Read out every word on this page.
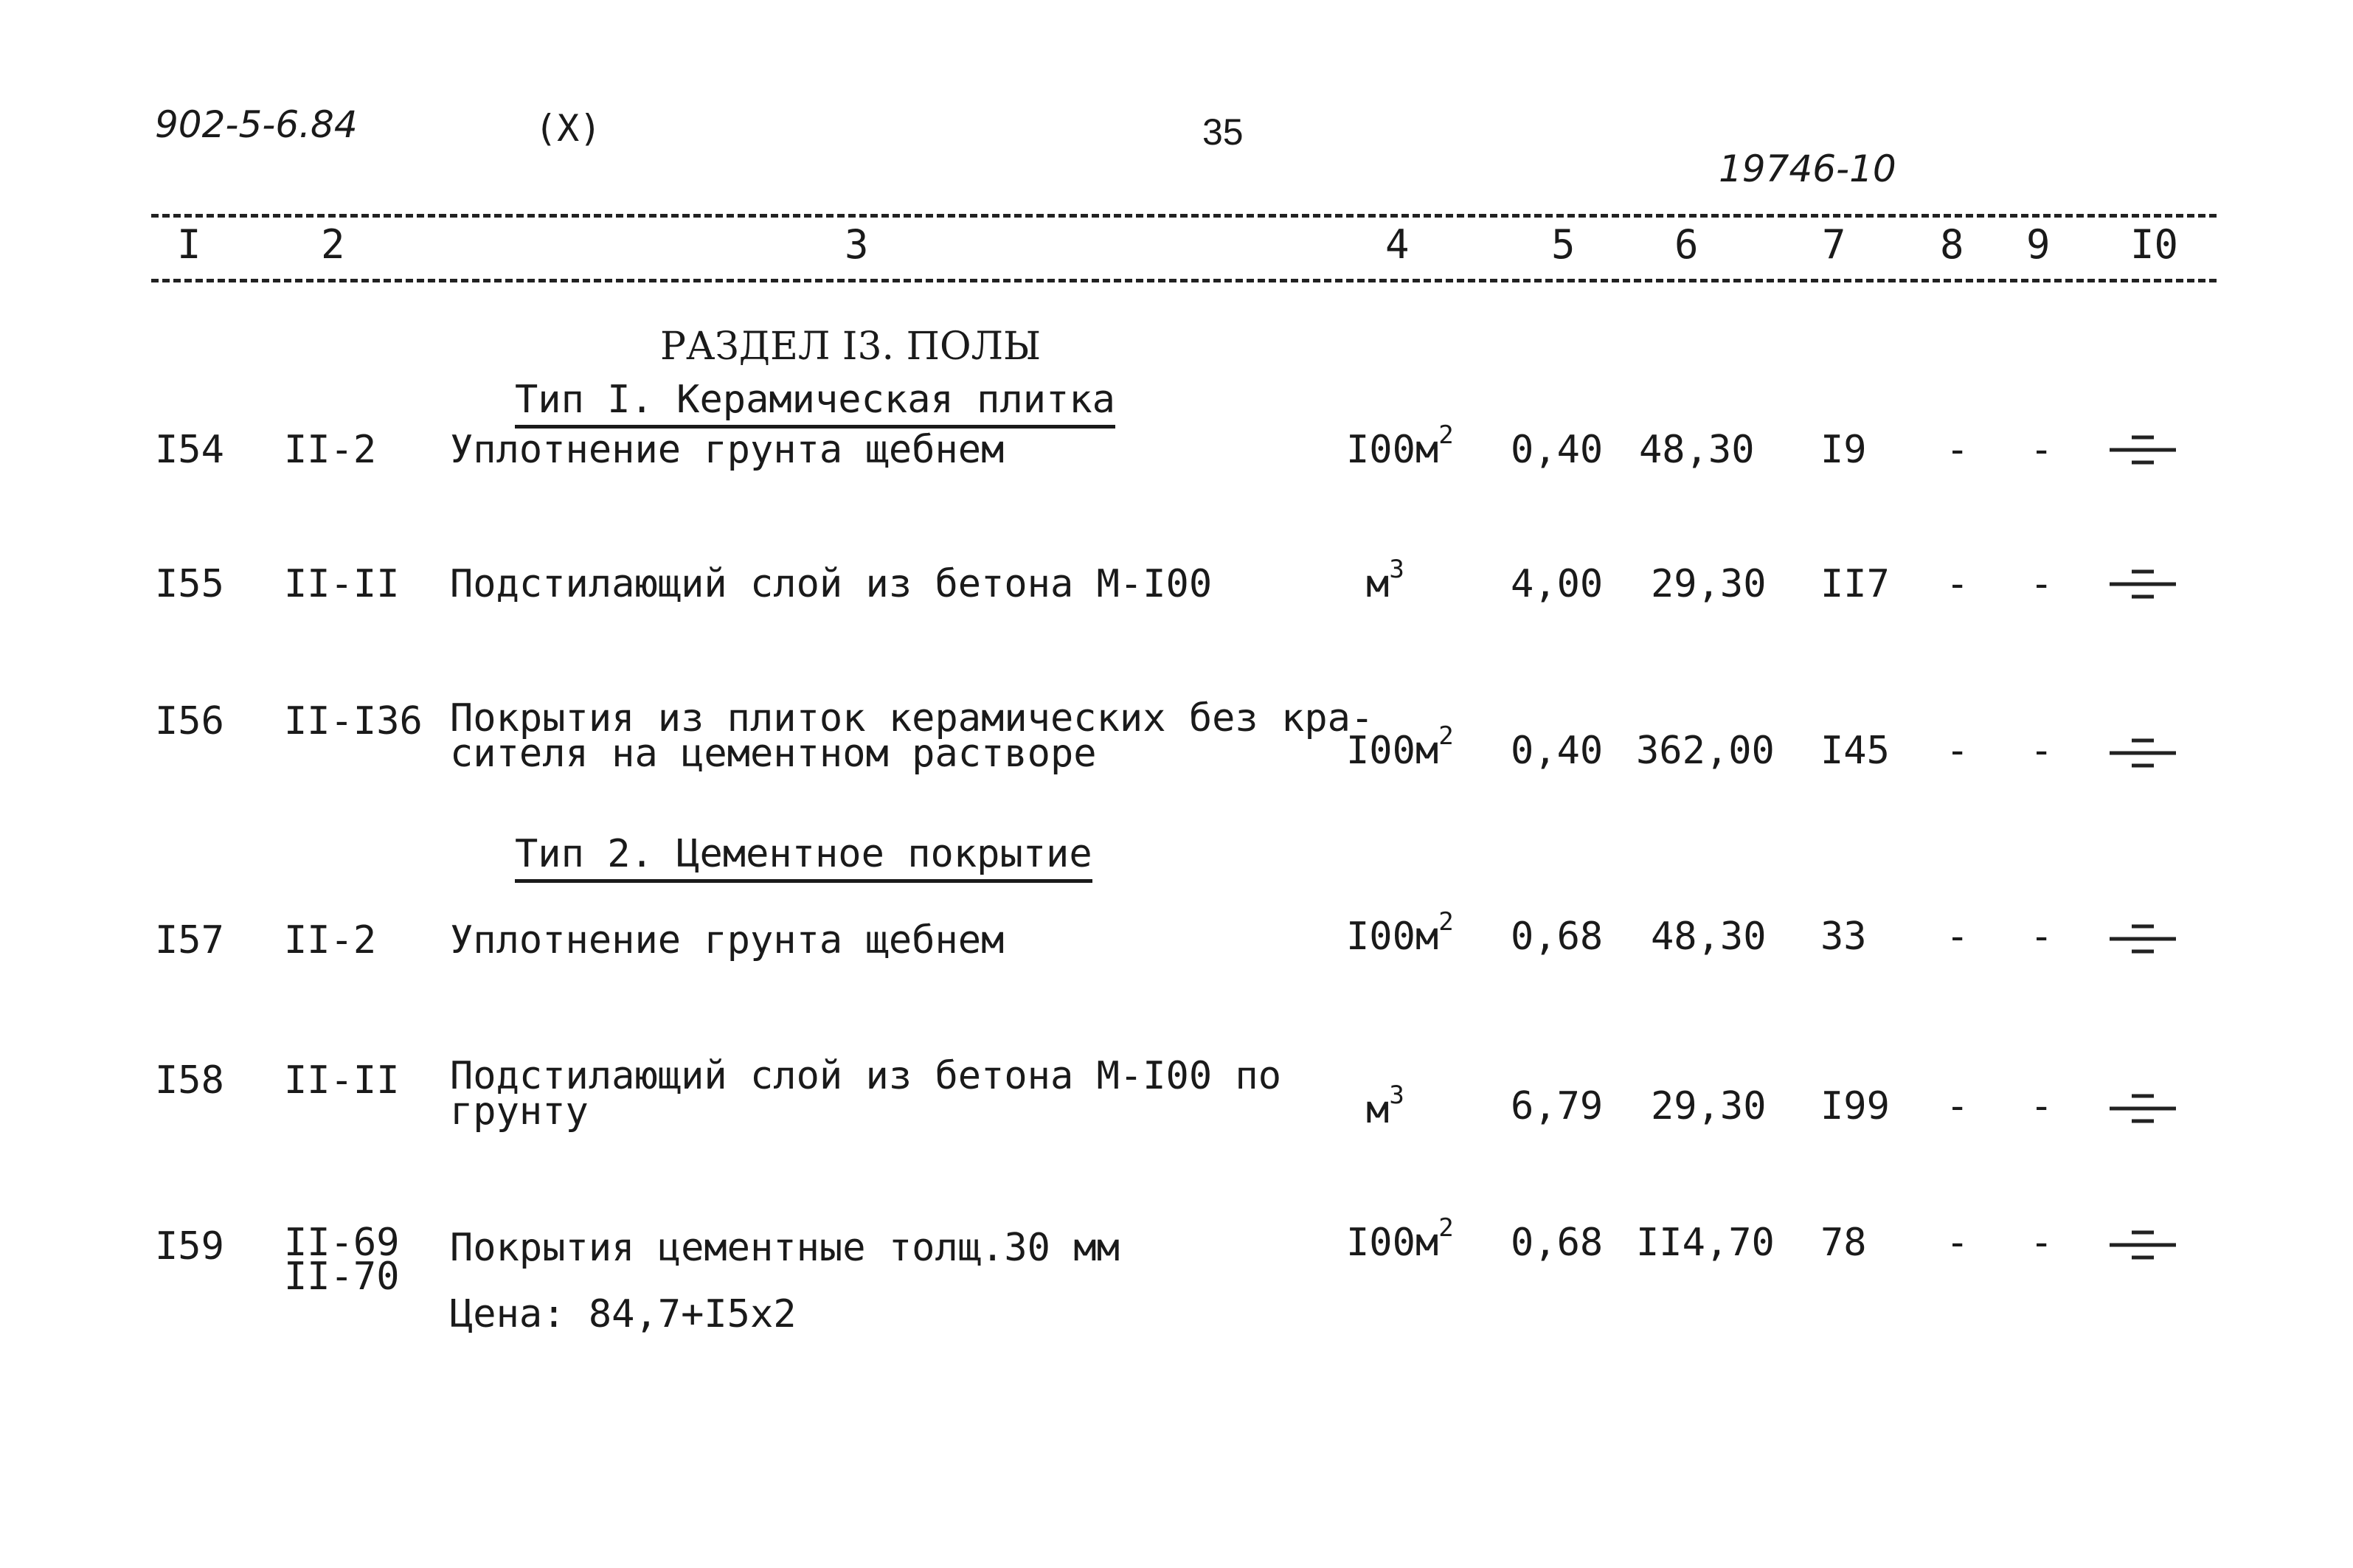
902-5-6.84	(X)	35
19746-10
I	2	3	4	5 6	7 8 9 I0
РАЗДЕЛ I3. ПОЛЫ
Тип I. Керамическая плитка
Тип 2. Цементное покрытие
I54 II-2 Уплотнение грунта щебнем	$I00м^2$ 0,40 48,30 I9 - -
I55 II-II Подстилающий слой из бетона М-I00	$м^3$	4,00 29,30 II7 - -
I56 II-I36 Покрытия из плиток керамических без кра-
сителя на цементном растворе	$I00м^2$ 0,40 362,00 I45 - -
I57 II-2 Уплотнение грунта щебнем	$I00м^2$ 0,68 48,30 33 - -
I58 II-II Подстилающий слой из бетона М-I00 по
грунту	$м^3$	6,79 29,30 I99 - -
I59 II-69
II-70
Покрытия цементные толщ.30 мм	$I00м^2$ 0,68 II4,70 78 - -
Цена: 84,7+I5x2
